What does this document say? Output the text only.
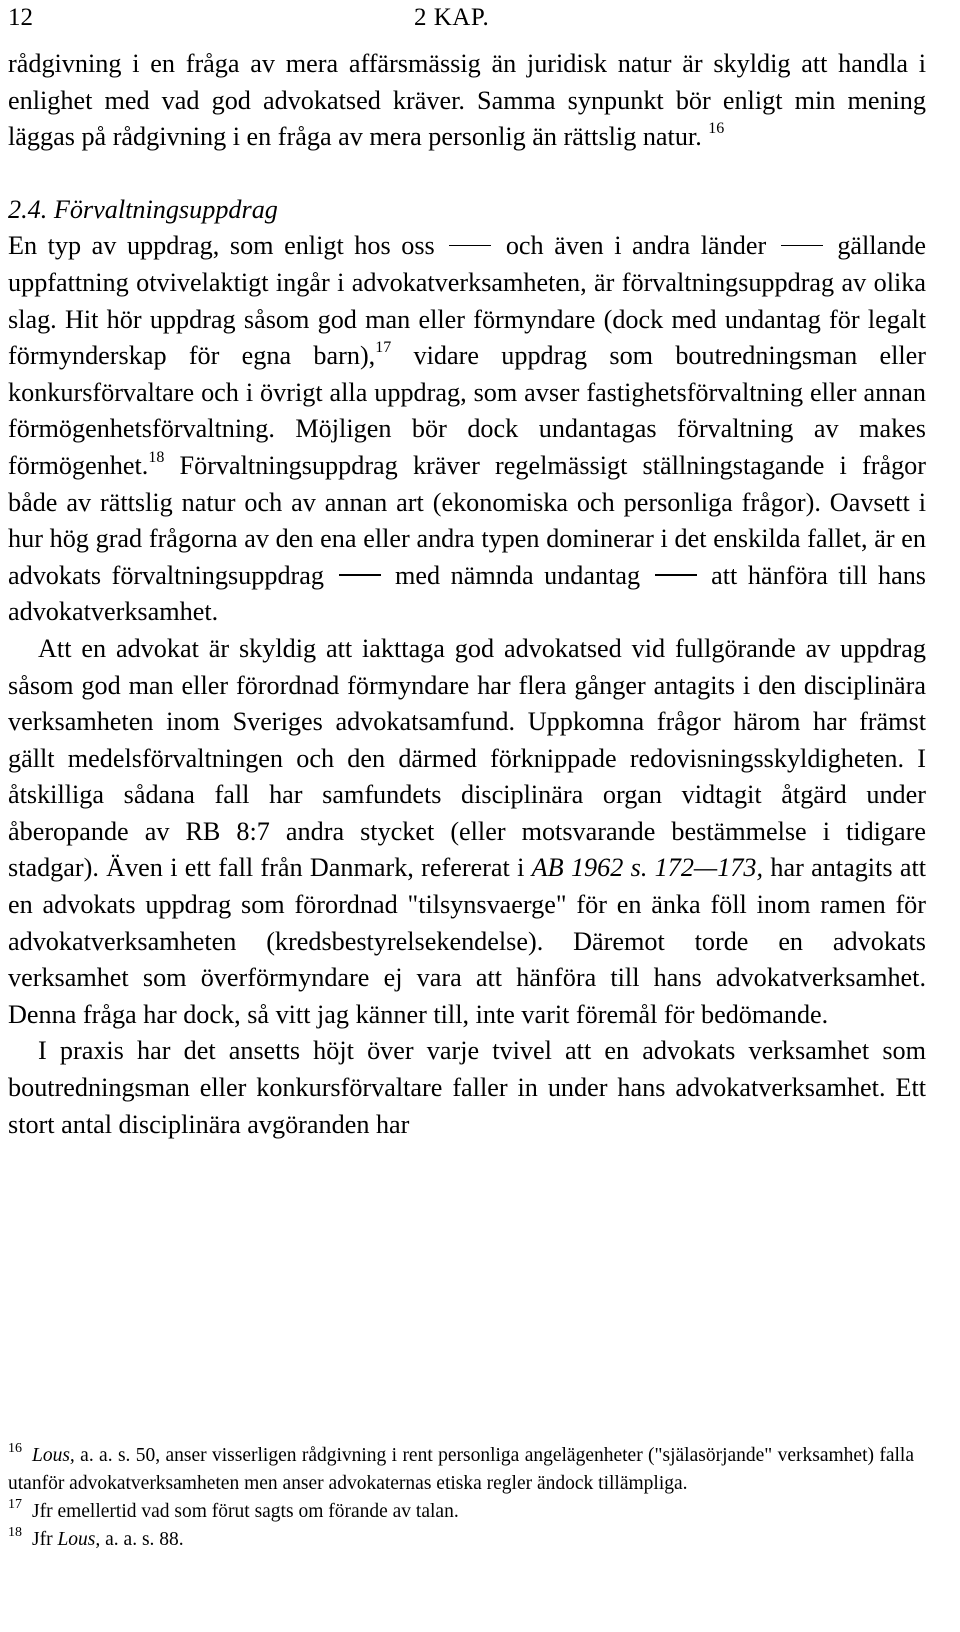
12	2 KAP.

rådgivning i en fråga av mera affärsmässig än juridisk natur är skyldig att handla i enlighet med vad god advokatsed kräver. Samma synpunkt bör enligt min mening läggas på rådgivning i en fråga av mera personlig än rättslig natur. $^{16}$

2.4. Förvaltningsuppdrag

En typ av uppdrag, som enligt hos oss	och även i andra länder	gällande uppfattning otvivelaktigt ingår i advokatverksamheten, är förvaltningsuppdrag av olika slag. Hit hör uppdrag såsom god man eller förmyndare (dock med undantag för legalt förmynderskap för egna barn),$^{17}$ vidare uppdrag som boutredningsman eller konkursförvaltare och i övrigt alla uppdrag, som avser fastighetsförvaltning eller annan förmögenhetsförvaltning. Möjligen bör dock undantagas förvaltning av makes förmögenhet.$^{18}$ Förvaltningsuppdrag kräver regelmässigt ställningstagande i frågor både av rättslig natur och av annan art (ekonomiska och personliga frågor). Oavsett i hur hög grad frågorna av den ena eller andra typen dominerar i det enskilda fallet, är en advokats förvaltningsuppdrag	med nämnda undantag	att hänföra till hans advokatverksamhet.

Att en advokat är skyldig att iakttaga god advokatsed vid fullgörande av uppdrag såsom god man eller förordnad förmyndare har flera gånger antagits i den disciplinära verksamheten inom Sveriges advokatsamfund. Uppkomna frågor härom har främst gällt medelsförvaltningen och den därmed förknippade redovisningsskyldigheten. I åtskilliga sådana fall har samfundets disciplinära organ vidtagit åtgärd under åberopande av RB 8:7 andra stycket (eller motsvarande bestämmelse i tidigare stadgar). Även i ett fall från Danmark, refererat i AB 1962 s. 172—173, har antagits att en advokats uppdrag som förordnad "tilsynsvaerge" för en änka föll inom ramen för advokatverksamheten (kredsbestyrelsekendelse). Däremot torde en advokats verksamhet som överförmyndare ej vara att hänföra till hans advokatverksamhet. Denna fråga har dock, så vitt jag känner till, inte varit föremål för bedömande.

I praxis har det ansetts höjt över varje tvivel att en advokats verksamhet som boutredningsman eller konkursförvaltare faller in under hans advokatverksamhet. Ett stort antal disciplinära avgöranden har

$^{16}$ Lous, a. a. s. 50, anser visserligen rådgivning i rent personliga angelägenheter ("själasörjande" verksamhet) falla utanför advokatverksamheten men anser advokaternas etiska regler ändock tillämpliga.

$^{17}$ Jfr emellertid vad som förut sagts om förande av talan.

$^{18}$ Jfr Lous, a. a. s. 88.
